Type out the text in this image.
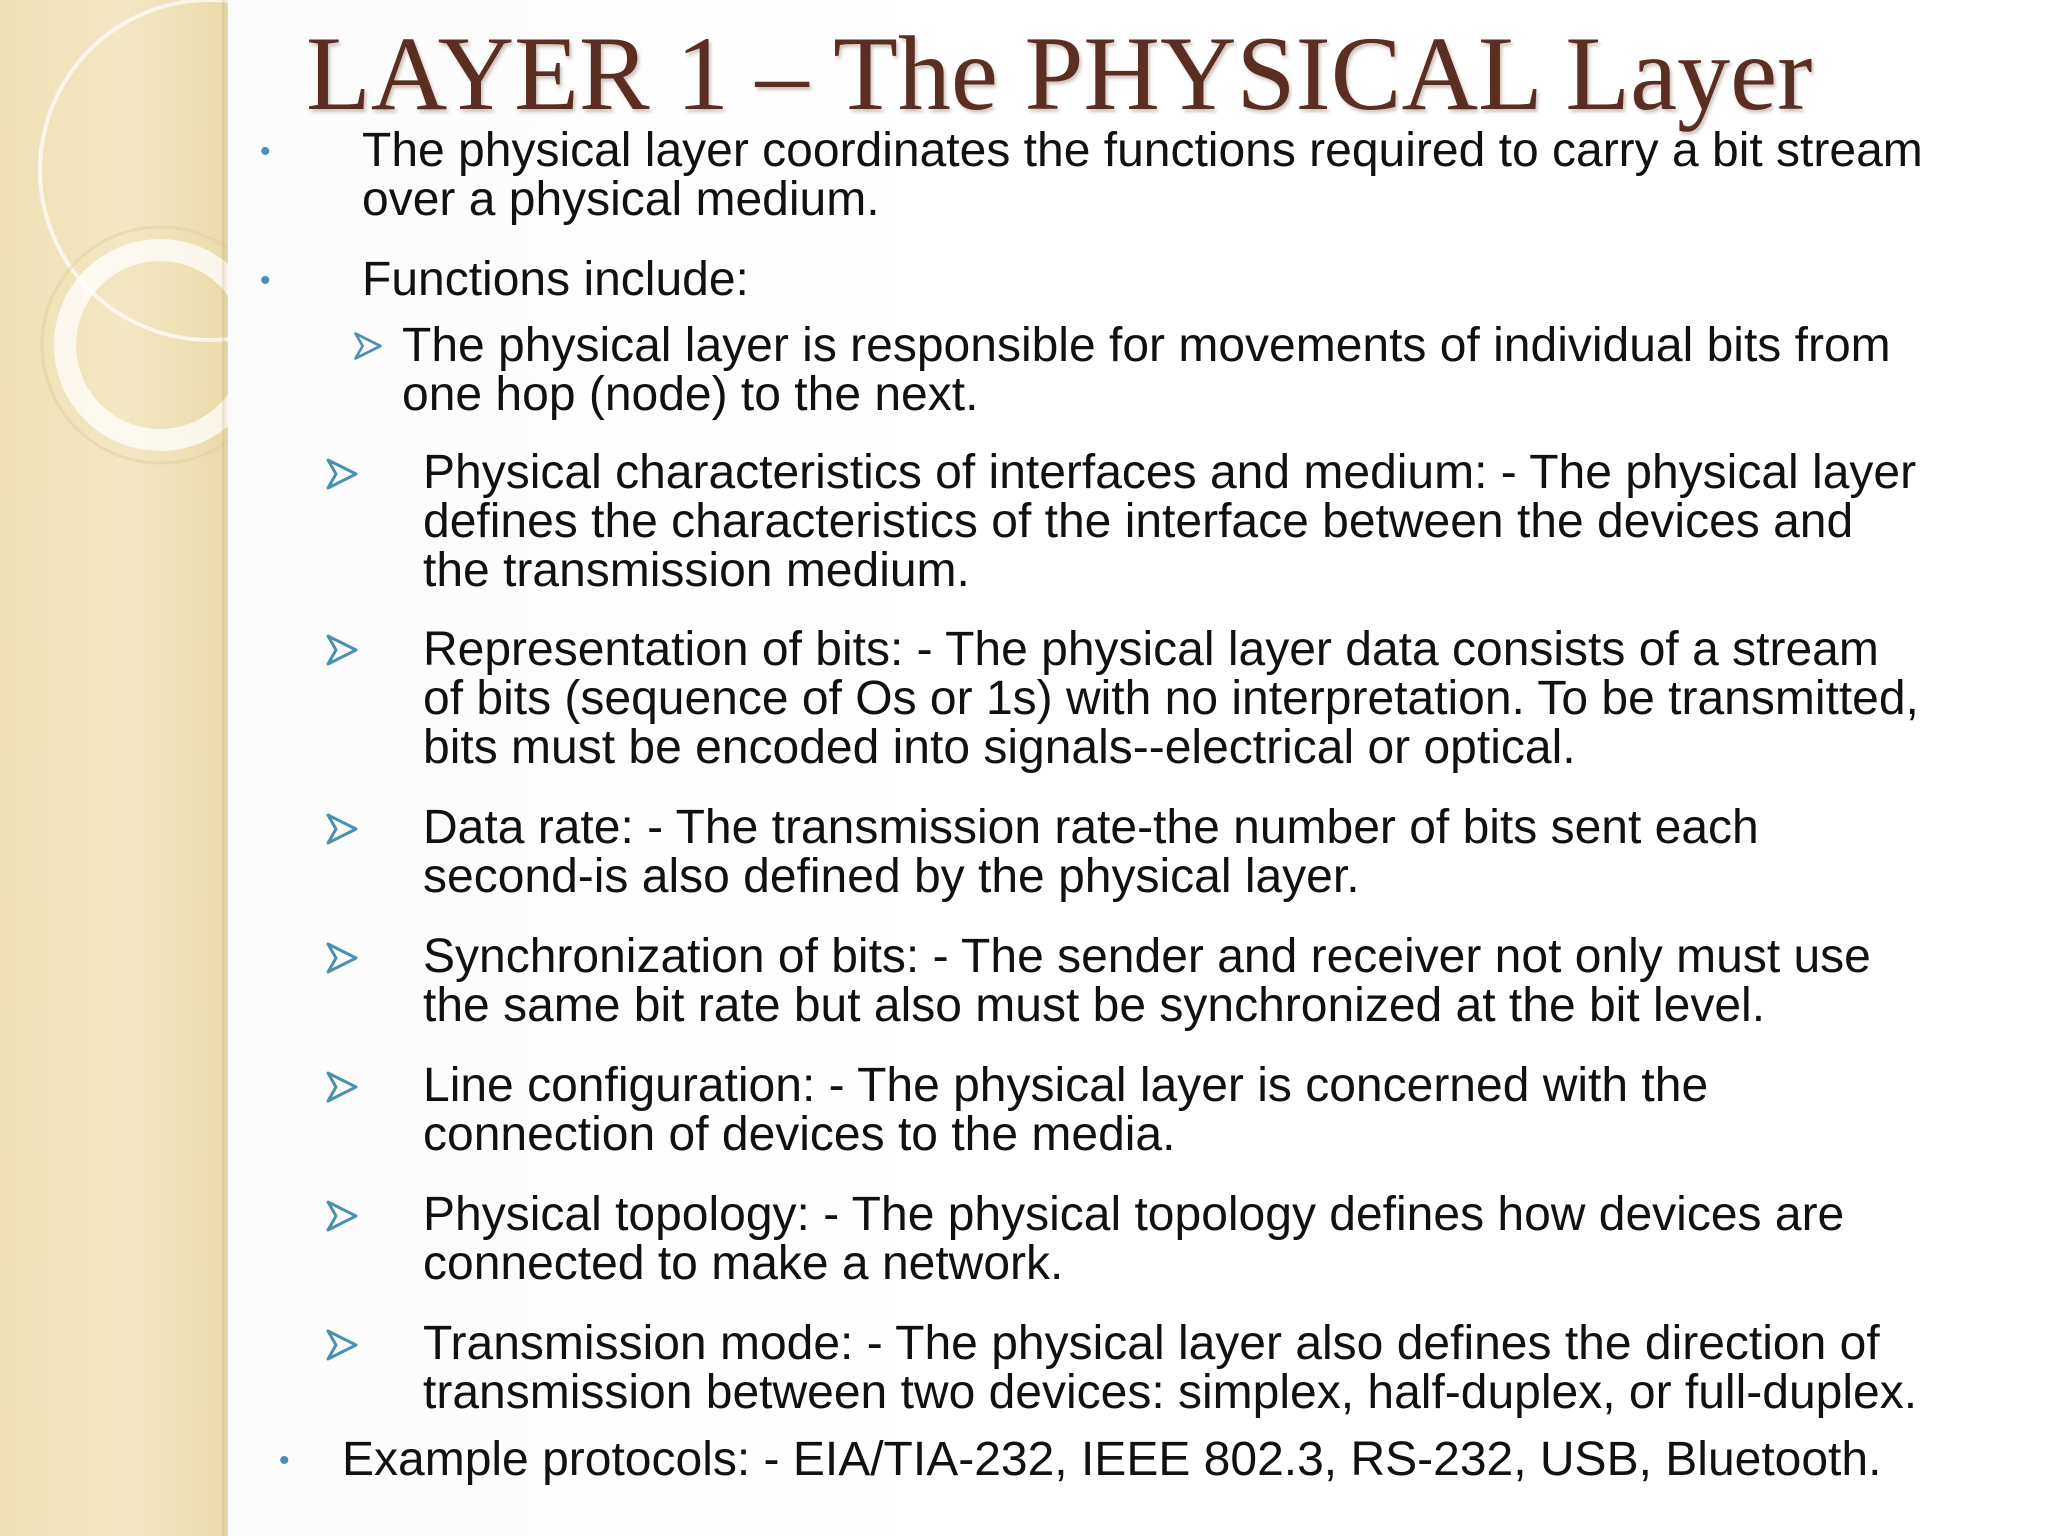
LAYER 1 – The PHYSICAL Layer
• The physical layer coordinates the functions required to carry a bit stream
over a physical medium.
• Functions include:
The physical layer is responsible for movements of individual bits from
one hop (node) to the next.
Physical characteristics of interfaces and medium: - The physical layer
defines the characteristics of the interface between the devices and
the transmission medium.
Representation of bits: - The physical layer data consists of a stream
of bits (sequence of Os or 1s) with no interpretation. To be transmitted,
bits must be encoded into signals--electrical or optical.
Data rate: - The transmission rate-the number of bits sent each
second-is also defined by the physical layer.
Synchronization of bits: - The sender and receiver not only must use
the same bit rate but also must be synchronized at the bit level.
Line configuration: - The physical layer is concerned with the
connection of devices to the media.
Physical topology: - The physical topology defines how devices are
connected to make a network.
Transmission mode: - The physical layer also defines the direction of
transmission between two devices: simplex, half-duplex, or full-duplex.
• Example protocols: - EIA/TIA-232, IEEE 802.3, RS-232, USB, Bluetooth.
